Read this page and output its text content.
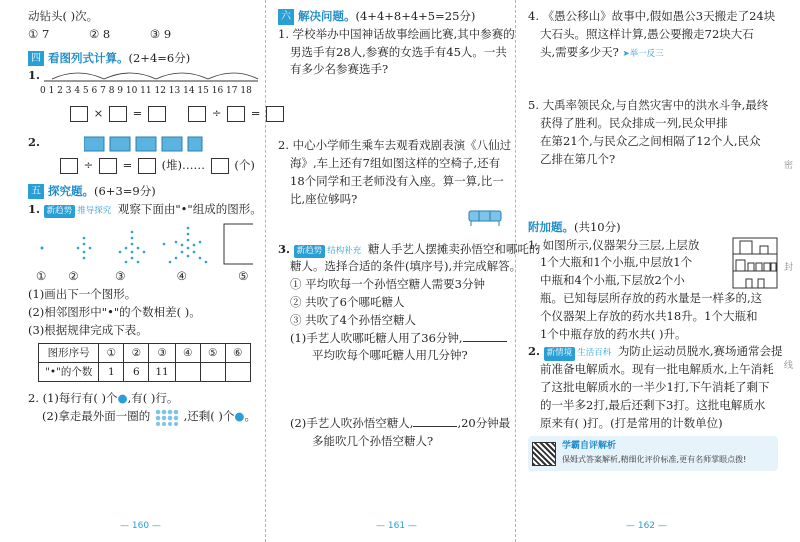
动钻头( )次。
① 7	② 8	③ 9
四 看图列式计算。 (2+4=6分)
1.
0 1 2 3 4 5 6 7 8 9 10 11 12 13 14 15 16 17 18
×  =	÷  =
2.
÷  =  (堆)……	(个)
五 探究题。 (6+3=9分)
1. 新趋势 推导探究 观察下面由"•"组成的图形。
① ②	③	④	⑤
(1)画出下一个图形。
(2)相邻图形中"•"的个数相差( )。
(3)根据规律完成下表。
图形序号	①	②	③	④	⑤	⑥
"•"的个数	1	6	11			
2. (1)每行有( )个●,有( )行。
(2)拿走最外面一圈的	,还剩( )个●。
— 160 —
六 解决问题。 (4+4+8+4+5=25分)
1. 学校举办中国神话故事绘画比赛,其中参赛的
男选手有28人,参赛的女选手有45人。一共
有多少名参赛选手?
2. 中心小学师生乘车去观看戏剧表演《八仙过
海》,车上还有7组如图这样的空椅子,还有
18个同学和王老师没有入座。算一算,比一
比,座位够吗?
3. 新趋势 结构补充 糖人手艺人摆摊卖孙悟空和哪吒的
糖人。选择合适的条件(填序号),并完成解答。
① 平均吹每一个孙悟空糖人需要3分钟
② 共吹了6个哪吒糖人
③ 共吹了4个孙悟空糖人
(1)手艺人吹哪吒糖人用了36分钟,
平均吹每个哪吒糖人用几分钟?
(2)手艺人吹孙悟空糖人,	,20分钟最
多能吹几个孙悟空糖人?
— 161 —
4. 《愚公移山》故事中,假如愚公3天搬走了24块
大石头。照这样计算,愚公要搬走72块大石
头,需要多少天? ➤举一反三
5. 大禹率领民众,与自然灾害中的洪水斗争,最终
获得了胜利。民众排成一列,民众甲排
在第21个,与民众乙之间相隔了12个人,民众
乙排在第几个?
附加题。 (共10分)
1. 如图所示,仪器架分三层,上层放
1个大瓶和1个小瓶,中层放1个
中瓶和4个小瓶,下层放2个小
瓶。已知每层所存放的药水量是一样多的,这
个仪器架上存放的药水共18升。1个大瓶和
1个中瓶存放的药水共( )升。
2. 新情境 生活百科 为防止运动员脱水,赛场通常会提
前准备电解质水。现有一批电解质水,上午消耗
了这批电解质水的一半少1打,下午消耗了剩下
的一半多2打,最后还剩下3打。这批电解质水
原来有( )打。(打是常用的计数单位)
学霸自评解析
保姆式答案解析,精细化评价标准,更有名师掌眼点拨!
— 162 —
密
封
线
